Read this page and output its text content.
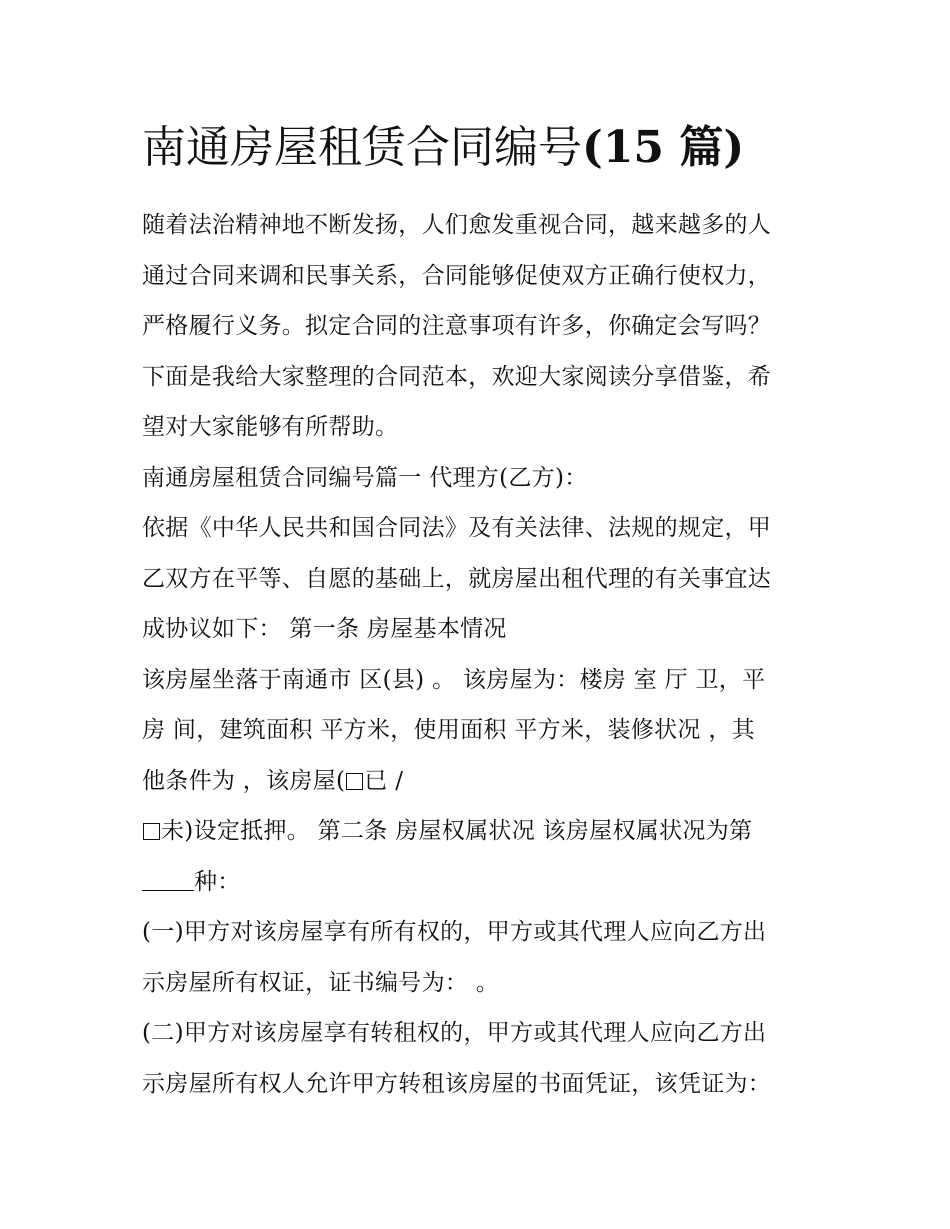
南通房屋租赁合同编号(15 篇)

随着法治精神地不断发扬，人们愈发重视合同，越来越多的人
通过合同来调和民事关系，合同能够促使双方正确行使权力，
严格履行义务。拟定合同的注意事项有许多，你确定会写吗？
下面是我给大家整理的合同范本，欢迎大家阅读分享借鉴，希
望对大家能够有所帮助。

南通房屋租赁合同编号篇一 代理方(乙方)：

依据《中华人民共和国合同法》及有关法律、法规的规定，甲
乙双方在平等、自愿的基础上，就房屋出租代理的有关事宜达
成协议如下： 第一条 房屋基本情况

该房屋坐落于南通市 区(县) 。 该房屋为：楼房 室 厅 卫，平
房 间，建筑面积 平方米，使用面积 平方米，装修状况 ，其
他条件为 ，该房屋( 已 /
未)设定抵押。 第二条 房屋权属状况 该房屋权属状况为第
种：

(一)甲方对该房屋享有所有权的，甲方或其代理人应向乙方出
示房屋所有权证，证书编号为： 。

(二)甲方对该房屋享有转租权的，甲方或其代理人应向乙方出
示房屋所有权人允许甲方转租该房屋的书面凭证，该凭证为：
